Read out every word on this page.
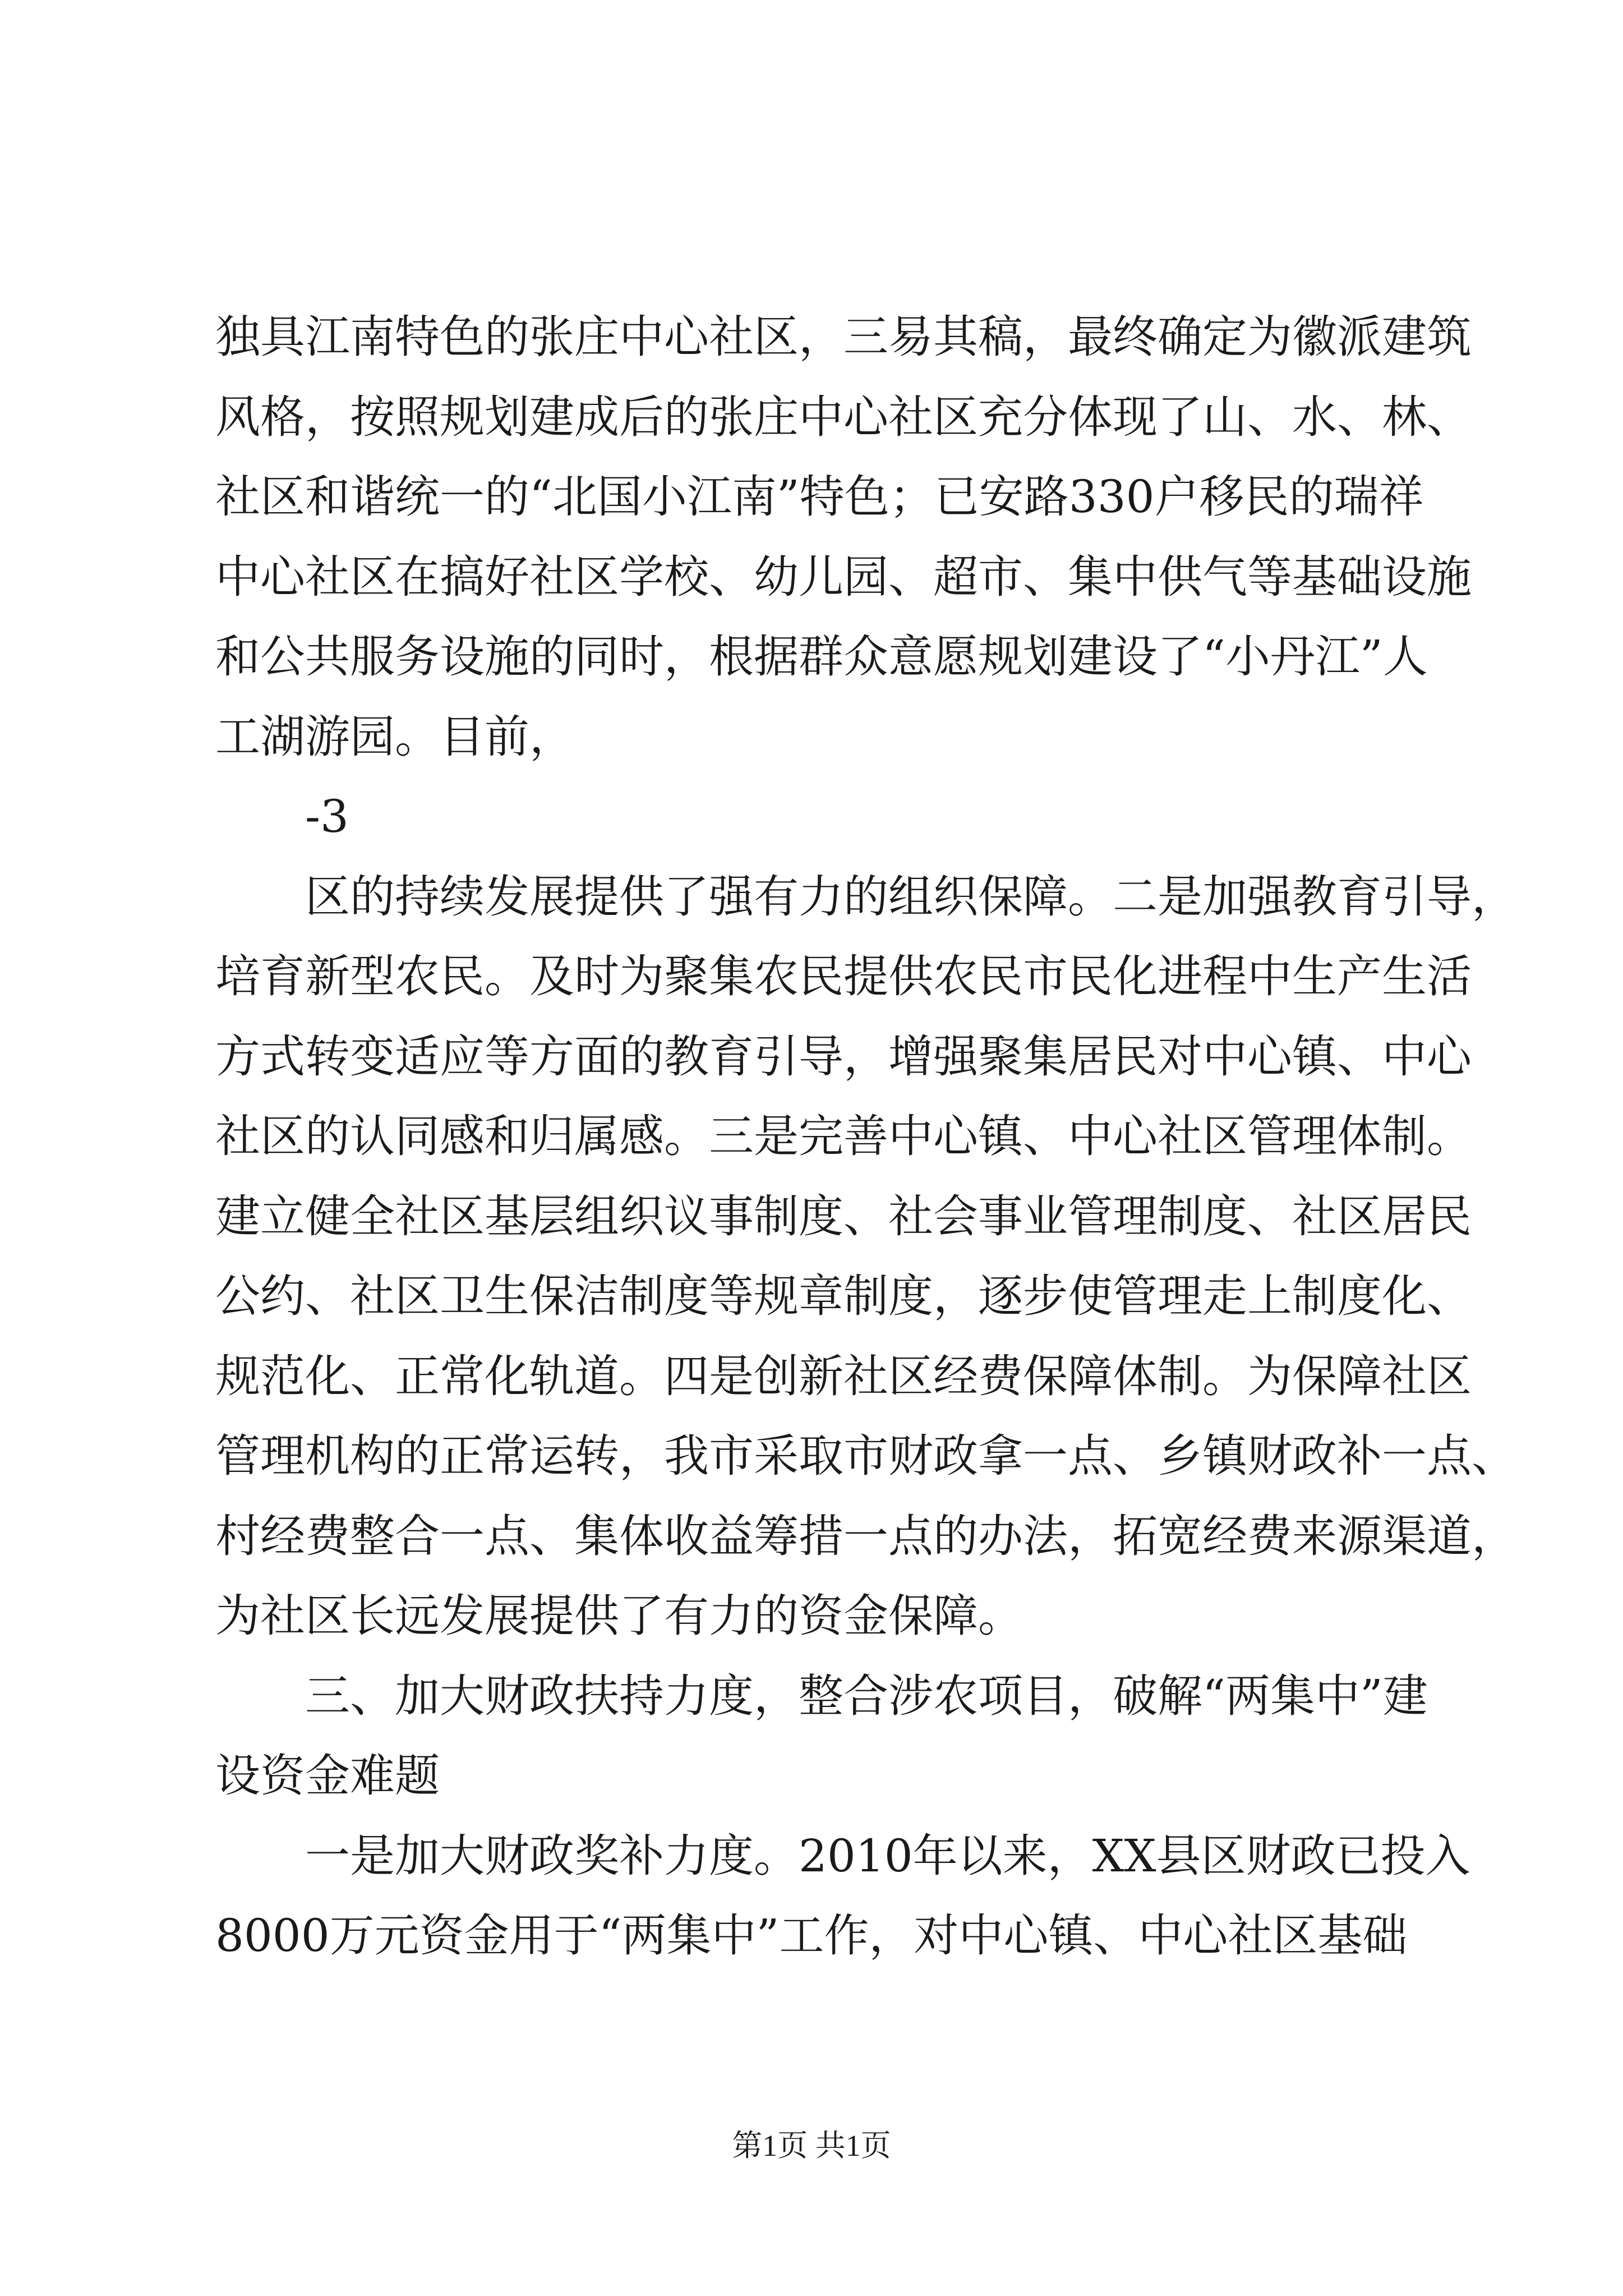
独具江南特色的张庄中心社区，三易其稿，最终确定为徽派建筑
风格，按照规划建成后的张庄中心社区充分体现了山、水、林、
社区和谐统一的“北国小江南”特色；已安路330户移民的瑞祥
中心社区在搞好社区学校、幼儿园、超市、集中供气等基础设施
和公共服务设施的同时，根据群众意愿规划建设了“小丹江”人
工湖游园。目前，
-3
区的持续发展提供了强有力的组织保障。二是加强教育引导，
培育新型农民。及时为聚集农民提供农民市民化进程中生产生活
方式转变适应等方面的教育引导，增强聚集居民对中心镇、中心
社区的认同感和归属感。三是完善中心镇、中心社区管理体制。
建立健全社区基层组织议事制度、社会事业管理制度、社区居民
公约、社区卫生保洁制度等规章制度，逐步使管理走上制度化、
规范化、正常化轨道。四是创新社区经费保障体制。为保障社区
管理机构的正常运转，我市采取市财政拿一点、乡镇财政补一点、
村经费整合一点、集体收益筹措一点的办法，拓宽经费来源渠道，
为社区长远发展提供了有力的资金保障。
三、加大财政扶持力度，整合涉农项目，破解“两集中”建
设资金难题
一是加大财政奖补力度。2010年以来，XX县区财政已投入
8000万元资金用于“两集中”工作，对中心镇、中心社区基础
第1页 共1页
